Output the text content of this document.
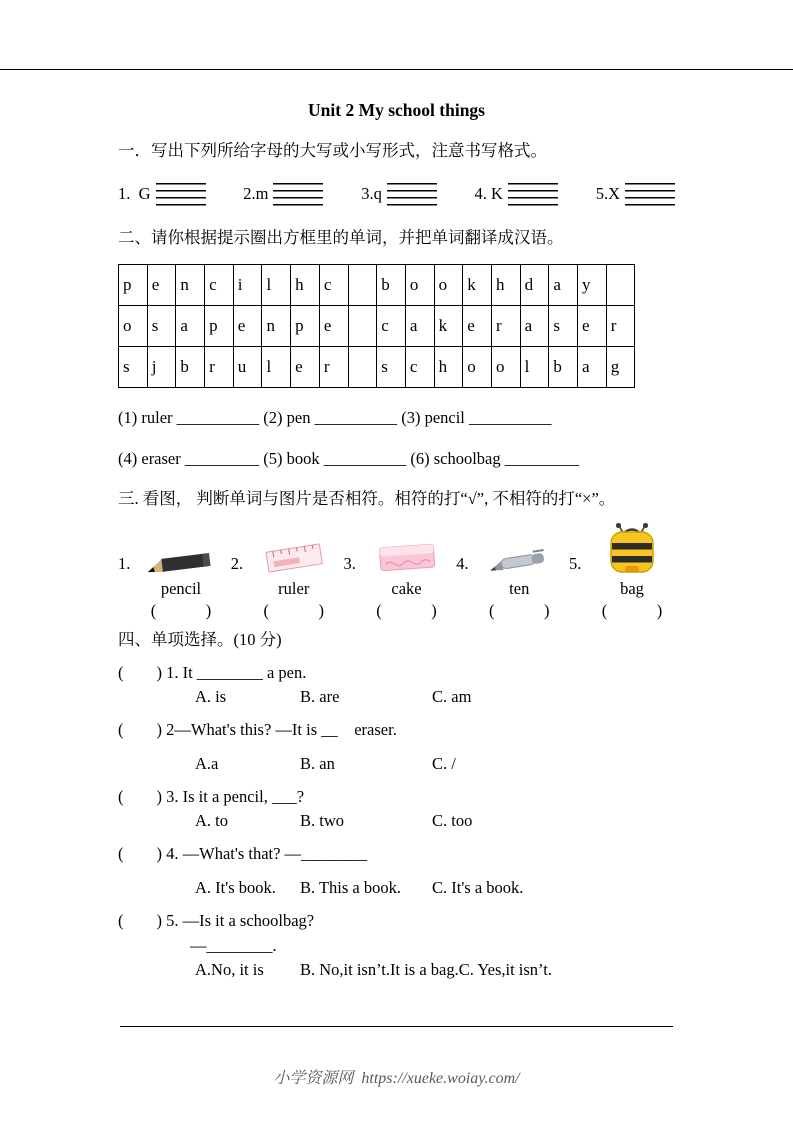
Unit 2 My school things
一．写出下列所给字母的大写或小写形式，注意书写格式。
1.  G	2.m	3.q	4. K	5.X
二、请你根据提示圈出方框里的单词，并把单词翻译成汉语。
p	e	n	c	i	l	h	c		b	o	o	k	h	d	a	y	
o	s	a	p	e	n	p	e		c	a	k	e	r	a	s	e	r
s	j	b	r	u	l	e	r		s	c	h	o	o	l	b	a	g
(1) ruler __________ (2) pen __________ (3) pencil __________
(4) eraser _________ (5) book __________ (6) schoolbag _________
三. 看图， 判断单词与图片是否相符。相符的打“√”, 不相符的打“×”。
1.
pencil
(            )
2.
ruler
(            )
3.
cake
(            )
4.
ten
(            )
5.
bag
(            )
四、单项选择。(10 分)
(        ) 1. It ________ a pen.
A. is	B. are	C. am
(        ) 2—What's this? —It is __    eraser.
A.a	B. an	C. /
(        ) 3. Is it a pencil, ___?
A. to	B. two	C. too
(        ) 4. —What's that? —________
A. It's book. B. This a book. C. It's a book.
(        ) 5. —Is it a schoolbag?
—________.
A.No, it is B. No,it isn’t.It is a bag.C. Yes,it isn’t.
小学资源网 https://xueke.woiay.com/
